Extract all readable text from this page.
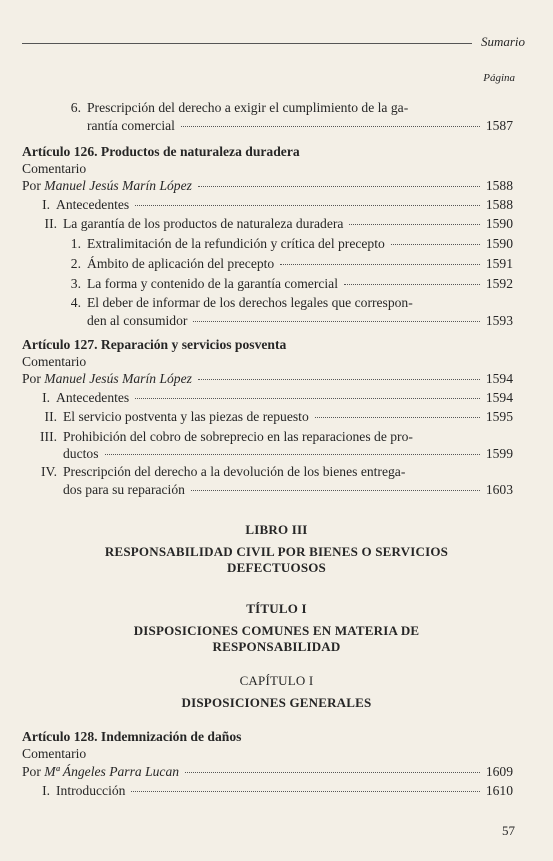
Sumario
Página
6. Prescripción del derecho a exigir el cumplimiento de la ga-
rantía comercial	1587
Artículo 126. Productos de naturaleza duradera
Comentario
Por Manuel Jesús Marín López	1588
I. Antecedentes	1588
II. La garantía de los productos de naturaleza duradera	1590
1. Extralimitación de la refundición y crítica del precepto	1590
2. Ámbito de aplicación del precepto	1591
3. La forma y contenido de la garantía comercial	1592
4. El deber de informar de los derechos legales que correspon-
den al consumidor	1593
Artículo 127. Reparación y servicios posventa
Comentario
Por Manuel Jesús Marín López	1594
I. Antecedentes	1594
II. El servicio postventa y las piezas de repuesto	1595
III. Prohibición del cobro de sobreprecio en las reparaciones de pro-
ductos	1599
IV. Prescripción del derecho a la devolución de los bienes entrega-
dos para su reparación	1603
LIBRO III
RESPONSABILIDAD CIVIL POR BIENES O SERVICIOS
DEFECTUOSOS
TÍTULO I
DISPOSICIONES COMUNES EN MATERIA DE
RESPONSABILIDAD
CAPÍTULO I
DISPOSICIONES GENERALES
Artículo 128. Indemnización de daños
Comentario
Por Mª Ángeles Parra Lucan	1609
I. Introducción	1610
57
